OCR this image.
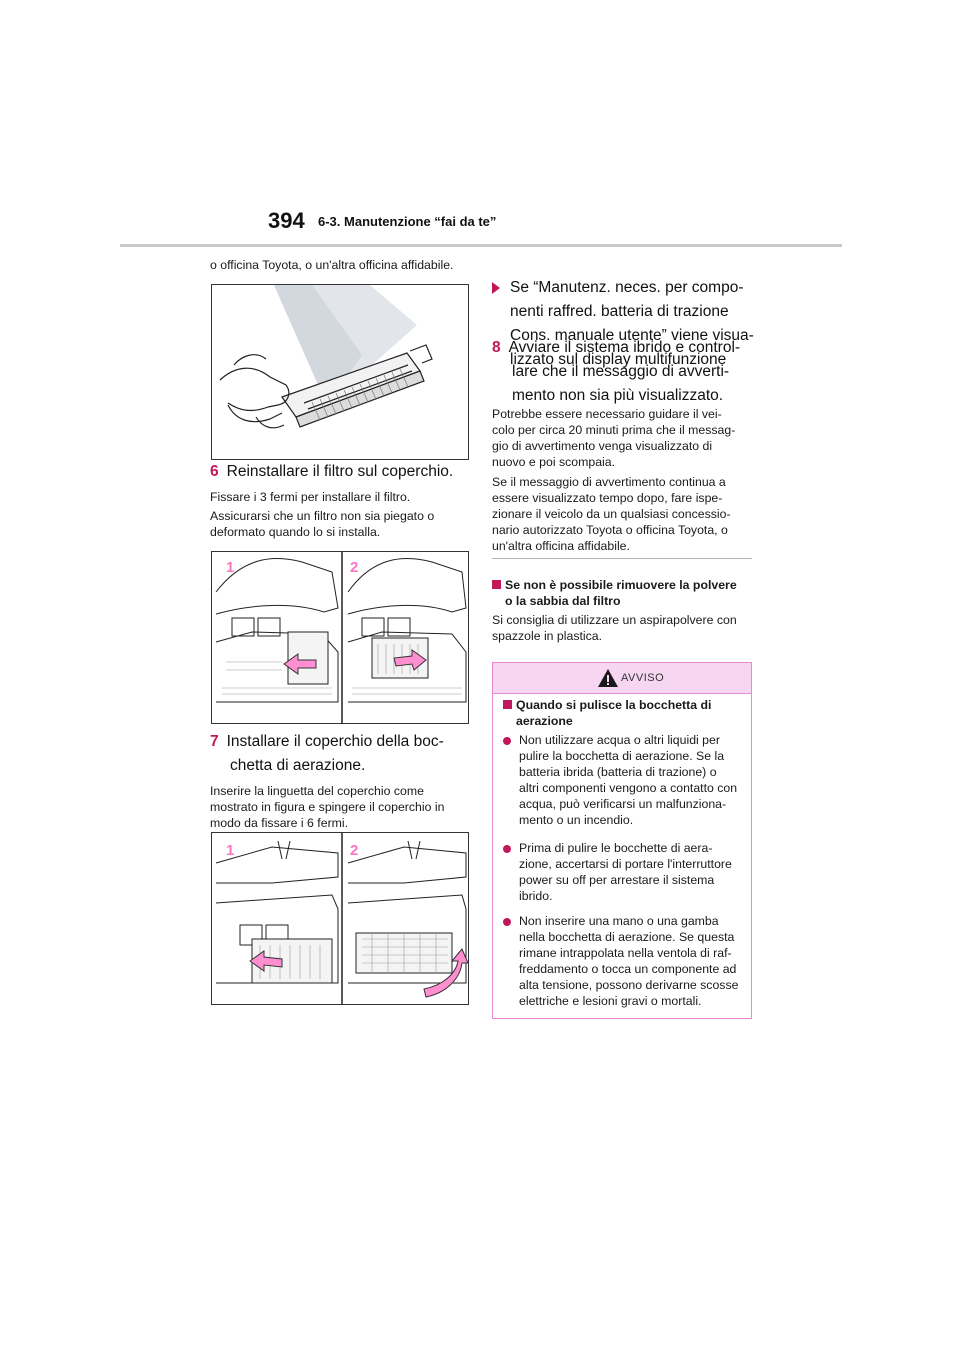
394 6-3. Manutenzione “fai da te”
o officina Toyota, o un'altra officina affidabile.
6 Reinstallare il filtro sul coperchio.
Fissare i 3 fermi per installare il filtro.
Assicurarsi che un filtro non sia piegato o
deformato quando lo si installa.
1	2
7 Installare il coperchio della boc-
chetta di aerazione.
Inserire la linguetta del coperchio come
mostrato in figura e spingere il coperchio in
modo da fissare i 6 fermi.
1	2
Se “Manutenz. neces. per compo-
nenti raffred. batteria di trazione
Cons. manuale utente” viene visua-
lizzato sul display multifunzione
8 Avviare il sistema ibrido e control-
lare che il messaggio di avverti-
mento non sia più visualizzato.
Potrebbe essere necessario guidare il vei-
colo per circa 20 minuti prima che il messag-
gio di avvertimento venga visualizzato di
nuovo e poi scompaia.
Se il messaggio di avvertimento continua a
essere visualizzato tempo dopo, fare ispe-
zionare il veicolo da un qualsiasi concessio-
nario autorizzato Toyota o officina Toyota, o
un'altra officina affidabile.
Se non è possibile rimuovere la polvere
o la sabbia dal filtro
Si consiglia di utilizzare un aspirapolvere con
spazzole in plastica.
AVVISO
Quando si pulisce la bocchetta di
aerazione
Non utilizzare acqua o altri liquidi per
pulire la bocchetta di aerazione. Se la
batteria ibrida (batteria di trazione) o
altri componenti vengono a contatto con
acqua, può verificarsi un malfunziona-
mento o un incendio.
Prima di pulire le bocchette di aera-
zione, accertarsi di portare l'interruttore
power su off per arrestare il sistema
ibrido.
Non inserire una mano o una gamba
nella bocchetta di aerazione. Se questa
rimane intrappolata nella ventola di raf-
freddamento o tocca un componente ad
alta tensione, possono derivarne scosse
elettriche e lesioni gravi o mortali.
